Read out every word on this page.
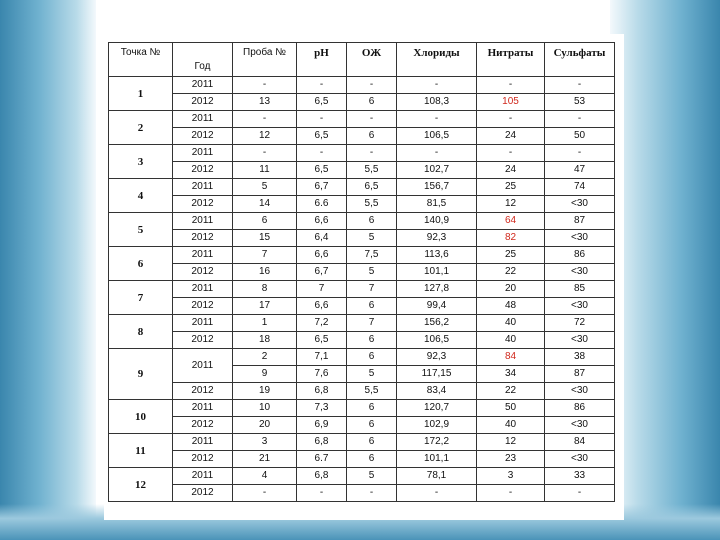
Точка №	Год	Проба №	pH	ОЖ	Хлориды	Нитраты	Сульфаты
1	2011	-	-	-	-	-	-
	2012	13	6,5	6	108,3	105	53
2	2011	-	-	-	-	-	-
	2012	12	6,5	6	106,5	24	50
3	2011	-	-	-	-	-	-
	2012	11	6,5	5,5	102,7	24	47
4	2011	5	6,7	6,5	156,7	25	74
	2012	14	6.6	5,5	81,5	12	<30
5	2011	6	6,6	6	140,9	64	87
	2012	15	6,4	5	92,3	82	<30
6	2011	7	6,6	7,5	113,6	25	86
	2012	16	6,7	5	101,1	22	<30
7	2011	8	7	7	127,8	20	85
	2012	17	6,6	6	99,4	48	<30
8	2011	1	7,2	7	156,2	40	72
	2012	18	6,5	6	106,5	40	<30
9	2011	2	7,1	6	92,3	84	38
		9	7,6	5	117,15	34	87
	2012	19	6,8	5,5	83,4	22	<30
10	2011	10	7,3	6	120,7	50	86
	2012	20	6,9	6	102,9	40	<30
11	2011	3	6,8	6	172,2	12	84
	2012	21	6.7	6	101,1	23	<30
12	2011	4	6,8	5	78,1	3	33
	2012	-	-	-	-	-	-
